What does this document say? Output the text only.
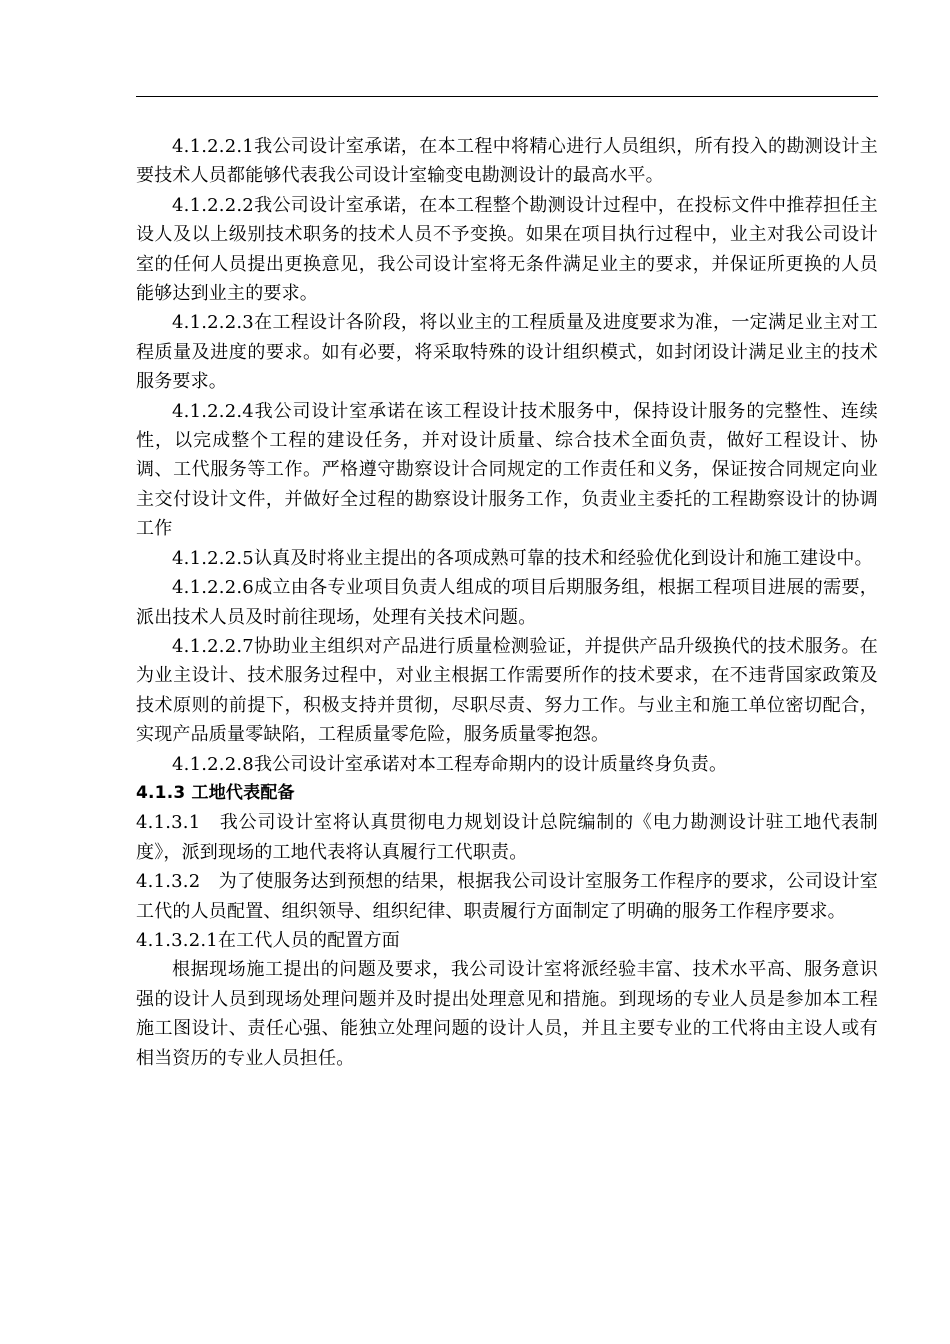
4.1.2.2.1我公司设计室承诺，在本工程中将精心进行人员组织，所有投入的勘测设计主要技术人员都能够代表我公司设计室输变电勘测设计的最高水平。

4.1.2.2.2我公司设计室承诺，在本工程整个勘测设计过程中，在投标文件中推荐担任主设人及以上级别技术职务的技术人员不予变换。如果在项目执行过程中，业主对我公司设计室的任何人员提出更换意见，我公司设计室将无条件满足业主的要求，并保证所更换的人员能够达到业主的要求。

4.1.2.2.3在工程设计各阶段，将以业主的工程质量及进度要求为准，一定满足业主对工程质量及进度的要求。如有必要，将采取特殊的设计组织模式，如封闭设计满足业主的技术服务要求。

4.1.2.2.4我公司设计室承诺在该工程设计技术服务中，保持设计服务的完整性、连续性，以完成整个工程的建设任务，并对设计质量、综合技术全面负责，做好工程设计、协调、工代服务等工作。严格遵守勘察设计合同规定的工作责任和义务，保证按合同规定向业主交付设计文件，并做好全过程的勘察设计服务工作，负责业主委托的工程勘察设计的协调工作

4.1.2.2.5认真及时将业主提出的各项成熟可靠的技术和经验优化到设计和施工建设中。

4.1.2.2.6成立由各专业项目负责人组成的项目后期服务组，根据工程项目进展的需要，派出技术人员及时前往现场，处理有关技术问题。

4.1.2.2.7协助业主组织对产品进行质量检测验证，并提供产品升级换代的技术服务。在为业主设计、技术服务过程中，对业主根据工作需要所作的技术要求，在不违背国家政策及技术原则的前提下，积极支持并贯彻，尽职尽责、努力工作。与业主和施工单位密切配合，实现产品质量零缺陷，工程质量零危险，服务质量零抱怨。

4.1.2.2.8我公司设计室承诺对本工程寿命期内的设计质量终身负责。

4.1.3 工地代表配备

4.1.3.1　我公司设计室将认真贯彻电力规划设计总院编制的《电力勘测设计驻工地代表制度》，派到现场的工地代表将认真履行工代职责。

4.1.3.2　为了使服务达到预想的结果，根据我公司设计室服务工作程序的要求，公司设计室工代的人员配置、组织领导、组织纪律、职责履行方面制定了明确的服务工作程序要求。

4.1.3.2.1在工代人员的配置方面

根据现场施工提出的问题及要求，我公司设计室将派经验丰富、技术水平高、服务意识强的设计人员到现场处理问题并及时提出处理意见和措施。到现场的专业人员是参加本工程施工图设计、责任心强、能独立处理问题的设计人员，并且主要专业的工代将由主设人或有相当资历的专业人员担任。
